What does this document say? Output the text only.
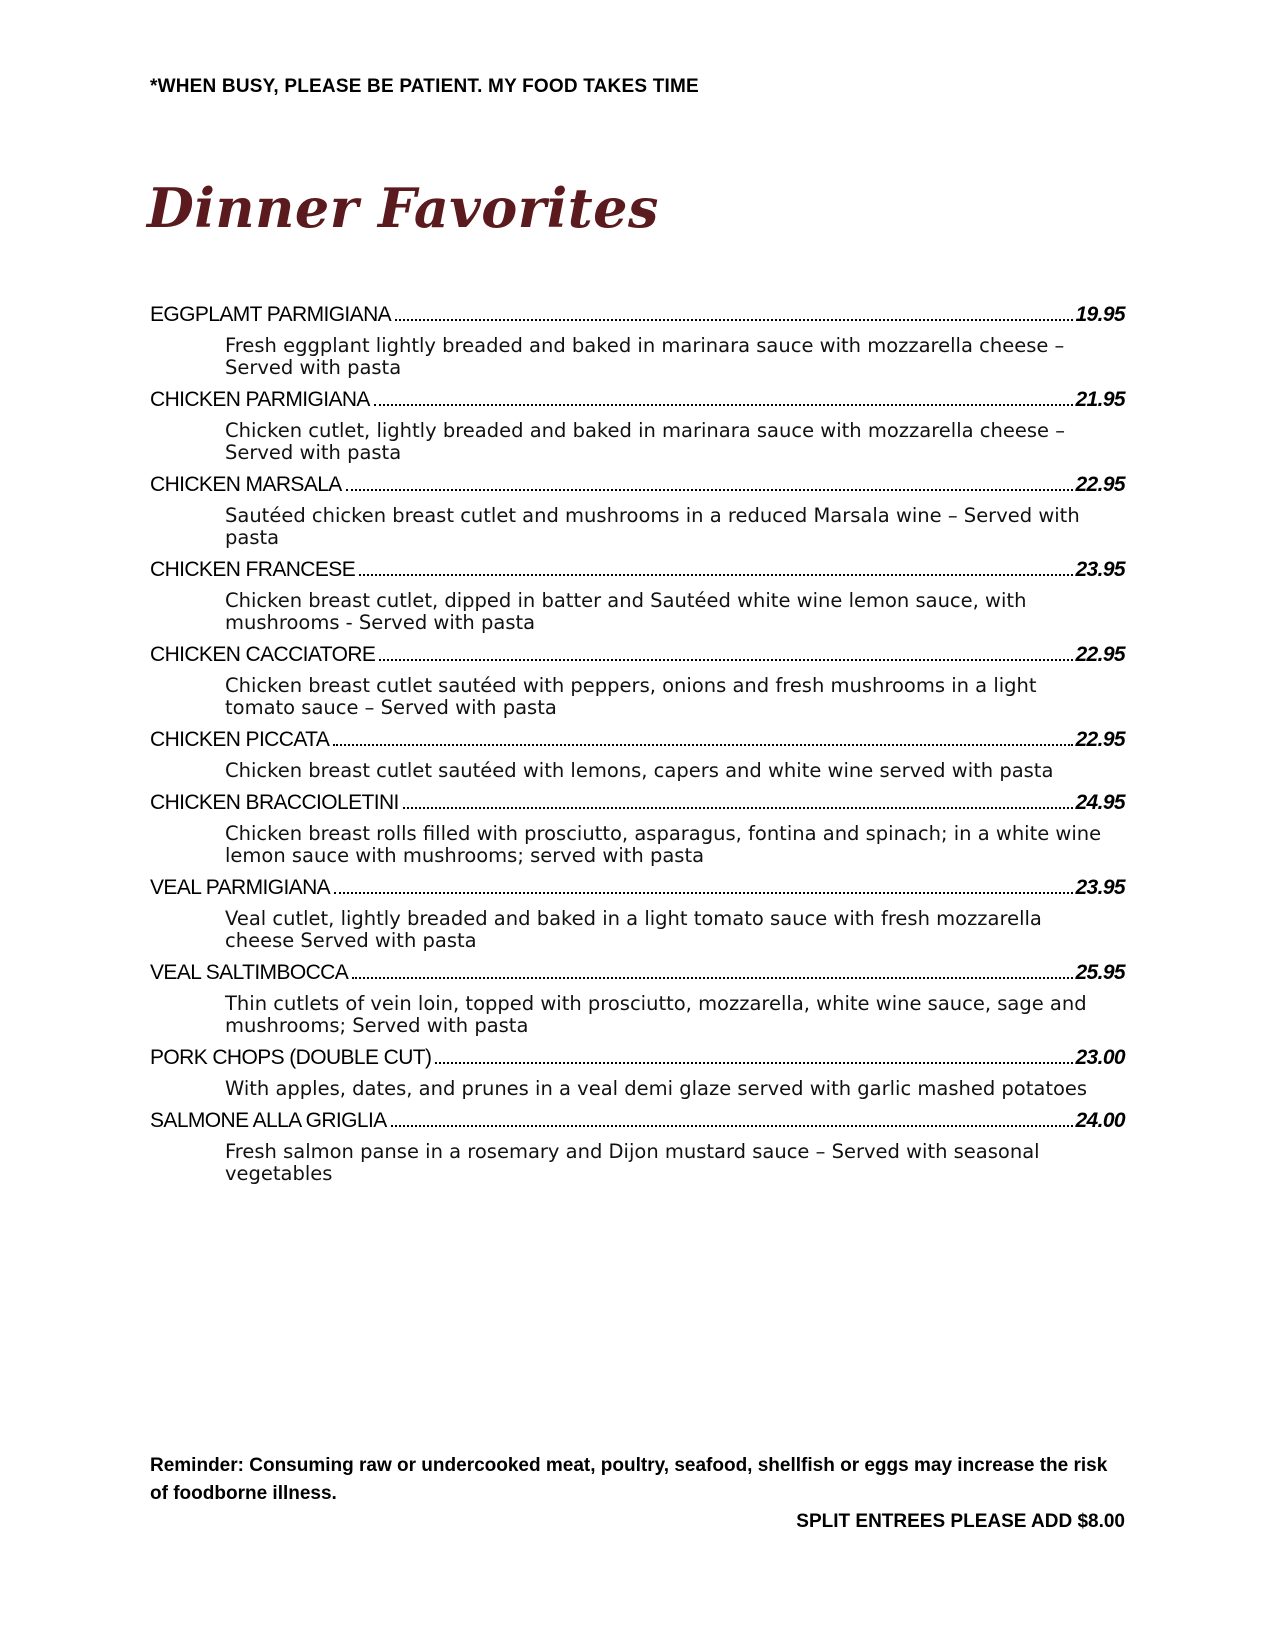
*WHEN BUSY, PLEASE BE PATIENT. MY FOOD TAKES TIME
Dinner Favorites
EGGPLAMT PARMIGIANA	19.95
Fresh eggplant lightly breaded and baked in marinara sauce with mozzarella cheese – Served with pasta
CHICKEN PARMIGIANA	21.95
Chicken cutlet, lightly breaded and baked in marinara sauce with mozzarella cheese – Served with pasta
CHICKEN MARSALA	22.95
Sautéed chicken breast cutlet and mushrooms in a reduced Marsala wine – Served with pasta
CHICKEN FRANCESE	23.95
Chicken breast cutlet, dipped in batter and Sautéed white wine lemon sauce, with mushrooms - Served with pasta
CHICKEN CACCIATORE	22.95
Chicken breast cutlet sautéed with peppers, onions and fresh mushrooms in a light tomato sauce – Served with pasta
CHICKEN PICCATA	22.95
Chicken breast cutlet sautéed with lemons, capers and white wine served with pasta
CHICKEN BRACCIOLETINI	24.95
Chicken breast rolls filled with prosciutto, asparagus, fontina and spinach; in a white wine lemon sauce with mushrooms; served with pasta
VEAL PARMIGIANA	23.95
Veal cutlet, lightly breaded and baked in a light tomato sauce with fresh mozzarella cheese Served with pasta
VEAL SALTIMBOCCA	25.95
Thin cutlets of vein loin, topped with prosciutto, mozzarella, white wine sauce, sage and mushrooms; Served with pasta
PORK CHOPS (DOUBLE CUT)	23.00
With apples, dates, and prunes in a veal demi glaze served with garlic mashed potatoes
SALMONE ALLA GRIGLIA	24.00
Fresh salmon panse in a rosemary and Dijon mustard sauce – Served with seasonal vegetables
Reminder: Consuming raw or undercooked meat, poultry, seafood, shellfish or eggs may increase the risk of foodborne illness.
SPLIT ENTREES PLEASE ADD $8.00
